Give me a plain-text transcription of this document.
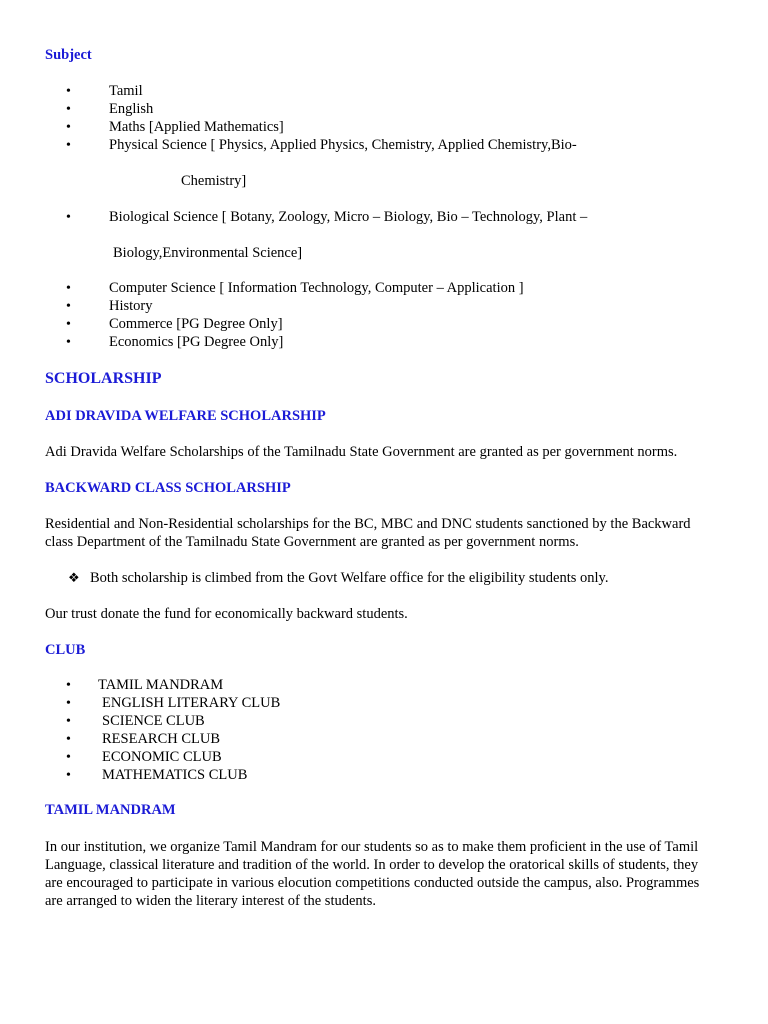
Subject
•
Tamil
•
English
•
Maths [Applied Mathematics]
•
Physical Science [ Physics, Applied Physics, Chemistry, Applied Chemistry,Bio-
Chemistry]
•
Biological Science [ Botany, Zoology, Micro – Biology, Bio – Technology, Plant –
Biology,Environmental Science]
•
Computer Science [ Information Technology, Computer – Application ]
•
History
•
Commerce [PG Degree Only]
•
Economics [PG Degree Only]
SCHOLARSHIP
ADI DRAVIDA WELFARE SCHOLARSHIP
Adi Dravida Welfare Scholarships of the Tamilnadu State Government are granted as per government norms.
BACKWARD CLASS SCHOLARSHIP
Residential and Non-Residential scholarships for the BC, MBC and DNC students sanctioned by the Backward
class Department of the Tamilnadu State Government are granted as per government norms.
❖ Both scholarship is climbed from the Govt Welfare office for the eligibility students only.
Our trust donate the fund for economically backward students.
CLUB
•
TAMIL MANDRAM
•
ENGLISH LITERARY CLUB
•
SCIENCE CLUB
•
RESEARCH CLUB
•
ECONOMIC CLUB
•
MATHEMATICS CLUB
TAMIL MANDRAM
In our institution, we organize Tamil Mandram for our students so as to make them proficient in the use of Tamil
Language, classical literature and tradition of the world. In order to develop the oratorical skills of students, they
are encouraged to participate in various elocution competitions conducted outside the campus, also. Programmes
are arranged to widen the literary interest of the students.
